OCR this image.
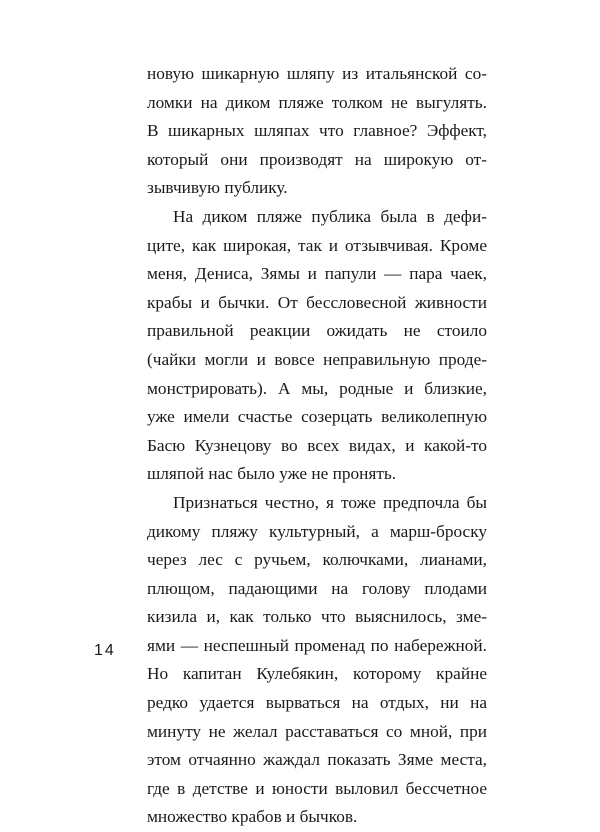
новую шикарную шляпу из итальянской со-
ломки на диком пляже толком не выгулять.
В шикарных шляпах что главное? Эффект,
который они производят на широкую от-
зывчивую публику.
На диком пляже публика была в дефи-
ците, как широкая, так и отзывчивая. Кроме
меня, Дениса, Зямы и папули — пара чаек,
крабы и бычки. От бессловесной живности
правильной реакции ожидать не стоило
(чайки могли и вовсе неправильную проде-
монстрировать). А мы, родные и близкие,
уже имели счастье созерцать великолепную
Басю Кузнецову во всех видах, и какой-то
шляпой нас было уже не пронять.
Признаться честно, я тоже предпочла бы
дикому пляжу культурный, а марш-броску
через лес с ручьем, колючками, лианами,
плющом, падающими на голову плодами
кизила и, как только что выяснилось, зме-
ями — неспешный променад по набережной.
Но капитан Кулебякин, которому крайне
редко удается вырваться на отдых, ни на
минуту не желал расставаться со мной, при
этом отчаянно жаждал показать Зяме места,
где в детстве и юности выловил бессчетное
множество крабов и бычков.
14
